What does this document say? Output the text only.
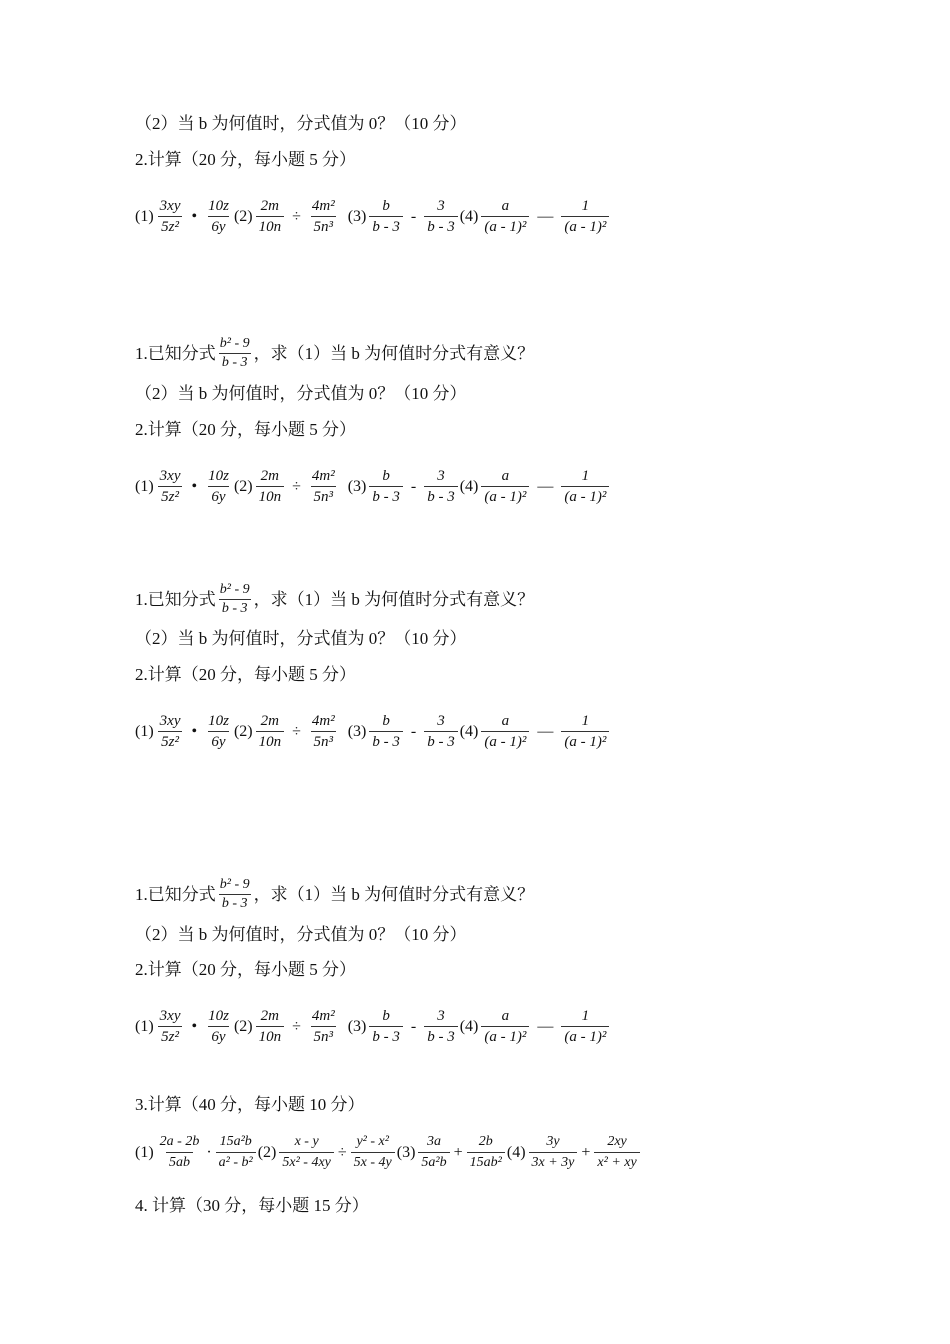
（2）当 b 为何值时，分式值为 0？（10 分）
2.计算（20 分，每小题 5 分）
$(1) \frac{3xy}{\text{5z²}}$ • $\frac{10z}{6y} (2) \frac{2m}{10n} \div \frac{\text{4m²}}{\text{5n³}} (3) \frac{b}{b - 3} - \frac{3}{b - 3} (4) \frac{a}{\text{(a - 1)²}}$ — $\frac{1}{\text{(a - 1)²}}$
1.已知分式 $\frac{\text{b² - 9}}{b - 3}$ ，求（1）当 b 为何值时分式有意义？
（2）当 b 为何值时，分式值为 0？（10 分）
2.计算（20 分，每小题 5 分）
$(1) \frac{3xy}{\text{5z²}}$ • $\frac{10z}{6y} (2) \frac{2m}{10n} \div \frac{\text{4m²}}{\text{5n³}} (3) \frac{b}{b - 3} - \frac{3}{b - 3} (4) \frac{a}{\text{(a - 1)²}}$ — $\frac{1}{\text{(a - 1)²}}$
1.已知分式 $\frac{\text{b² - 9}}{b - 3}$ ，求（1）当 b 为何值时分式有意义？
（2）当 b 为何值时，分式值为 0？（10 分）
2.计算（20 分，每小题 5 分）
$(1) \frac{3xy}{\text{5z²}}$ • $\frac{10z}{6y} (2) \frac{2m}{10n} \div \frac{\text{4m²}}{\text{5n³}} (3) \frac{b}{b - 3} - \frac{3}{b - 3} (4) \frac{a}{\text{(a - 1)²}}$ — $\frac{1}{\text{(a - 1)²}}$
1.已知分式 $\frac{\text{b² - 9}}{b - 3}$ ，求（1）当 b 为何值时分式有意义？
（2）当 b 为何值时，分式值为 0？（10 分）
2.计算（20 分，每小题 5 分）
$(1) \frac{3xy}{\text{5z²}}$ • $\frac{10z}{6y} (2) \frac{2m}{10n} \div \frac{\text{4m²}}{\text{5n³}} (3) \frac{b}{b - 3} - \frac{3}{b - 3} (4) \frac{a}{\text{(a - 1)²}}$ — $\frac{1}{\text{(a - 1)²}}$
3.计算（40 分，每小题 10 分）
$(1) \frac{2a - 2b}{5ab} \cdot \frac{\text{15a²b}}{\text{a² - b²}} (2) \frac{x - y}{\text{5x² - 4xy}} \div \frac{\text{y² - x²}}{5x - 4y} (3) \frac{3a}{\text{5a²b}} + \frac{2b}{\text{15ab²}} (4) \frac{3y}{3x + 3y} + \frac{2xy}{\text{x² + xy}}$
4. 计算（30 分，每小题 15 分）
